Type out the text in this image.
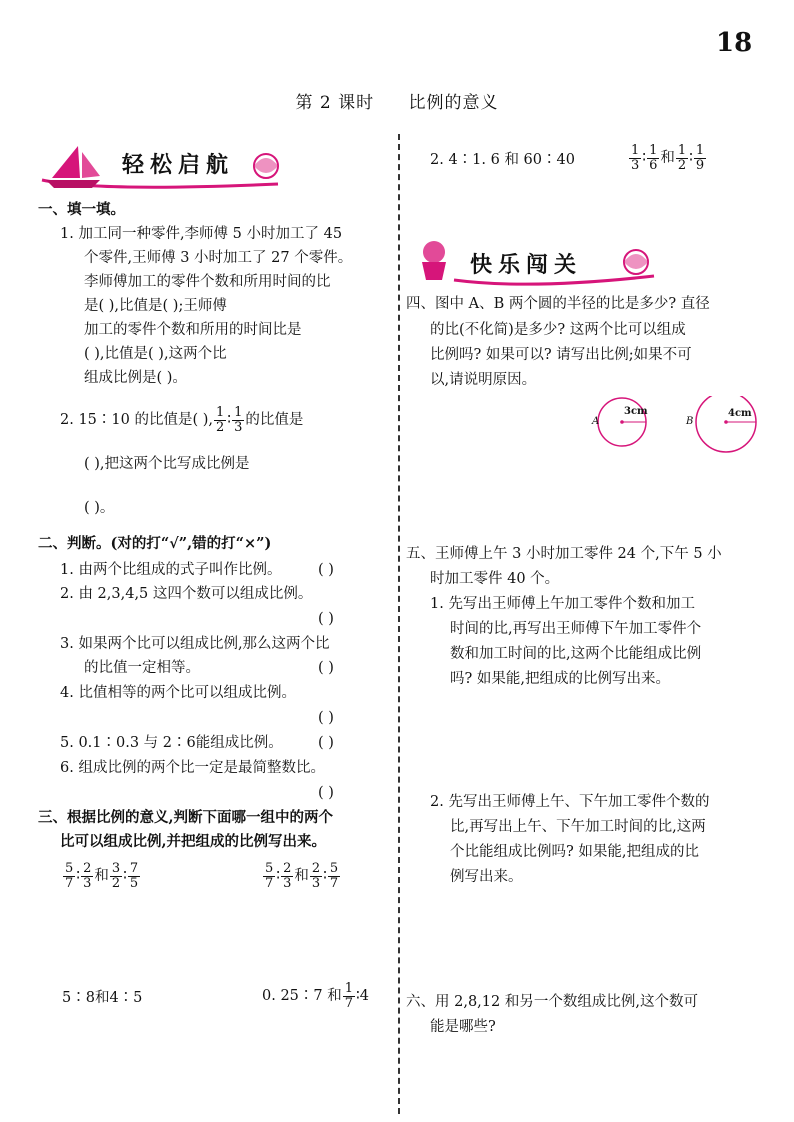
18
第 2 课时 比例的意义
轻松启航
一、填一填。
1. 加工同一种零件,李师傅 5 小时加工了 45
个零件,王师傅 3 小时加工了 27 个零件。
李师傅加工的零件个数和所用时间的比
是( ),比值是( );王师傅
加工的零件个数和所用的时间比是
( ),比值是( ),这两个比
组成比例是( )。
2. 15∶10 的比值是( ), $\frac{1}{2}$ ∶ $\frac{1}{3}$ 的比值是
( ),把这两个比写成比例是
( )。
二、判断。(对的打“√”,错的打“×”)
1. 由两个比组成的式子叫作比例。	( )
2. 由 2,3,4,5 这四个数可以组成比例。
( )
3. 如果两个比可以组成比例,那么这两个比
的比值一定相等。	( )
4. 比值相等的两个比可以组成比例。
( )
5. 0.1∶0.3 与 2∶6能组成比例。 ( )
6. 组成比例的两个比一定是最简整数比。
( )
三、根据比例的意义,判断下面哪一组中的两个
比可以组成比例,并把组成的比例写出来。
$\frac{5}{7}$ ∶ $\frac{2}{3}$ 和 $\frac{3}{2}$ ∶ $\frac{7}{5}$	$\frac{5}{7}$ ∶ $\frac{2}{3}$ 和 $\frac{2}{3}$ ∶ $\frac{5}{7}$
5∶8和4∶5	0. 25∶7 和 $\frac{1}{7}$ ∶4
2. 4∶1. 6 和 60∶40	$\frac{1}{3}$ ∶ $\frac{1}{6}$ 和 $\frac{1}{2}$ ∶ $\frac{1}{9}$
快乐闯关
四、图中 A、B 两个圆的半径的比是多少? 直径
的比(不化简)是多少? 这两个比可以组成
比例吗? 如果可以? 请写出比例;如果不可
以,请说明原因。
A
3cm
B
4cm
五、王师傅上午 3 小时加工零件 24 个,下午 5 小
时加工零件 40 个。
1. 先写出王师傅上午加工零件个数和加工
时间的比,再写出王师傅下午加工零件个
数和加工时间的比,这两个比能组成比例
吗? 如果能,把组成的比例写出来。
2. 先写出王师傅上午、下午加工零件个数的
比,再写出上午、下午加工时间的比,这两
个比能组成比例吗? 如果能,把组成的比
例写出来。
六、用 2,8,12 和另一个数组成比例,这个数可
能是哪些?
